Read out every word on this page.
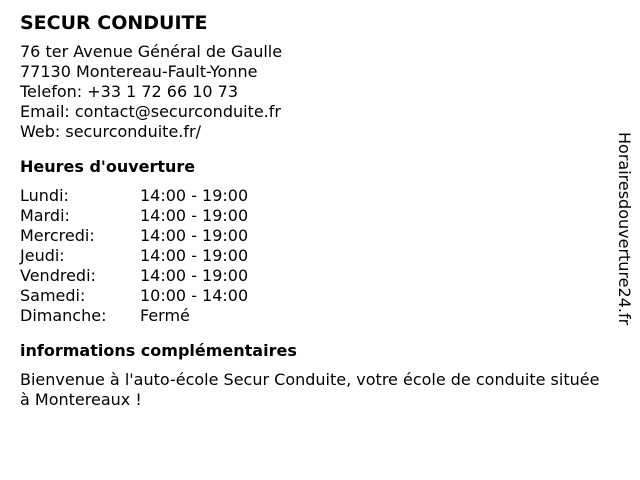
SECUR CONDUITE
76 ter Avenue Général de Gaulle
77130 Montereau-Fault-Yonne
Telefon: +33 1 72 66 10 73
Email: contact@securconduite.fr
Web: securconduite.fr/
Heures d'ouverture
Lundi:	14:00 - 19:00
Mardi:	14:00 - 19:00
Mercredi:	14:00 - 19:00
Jeudi:	14:00 - 19:00
Vendredi:	14:00 - 19:00
Samedi:	10:00 - 14:00
Dimanche:	Fermé
informations complémentaires
Bienvenue à l'auto-école Secur Conduite, votre école de conduite située à Montereaux !
Horairesdouverture24.fr
